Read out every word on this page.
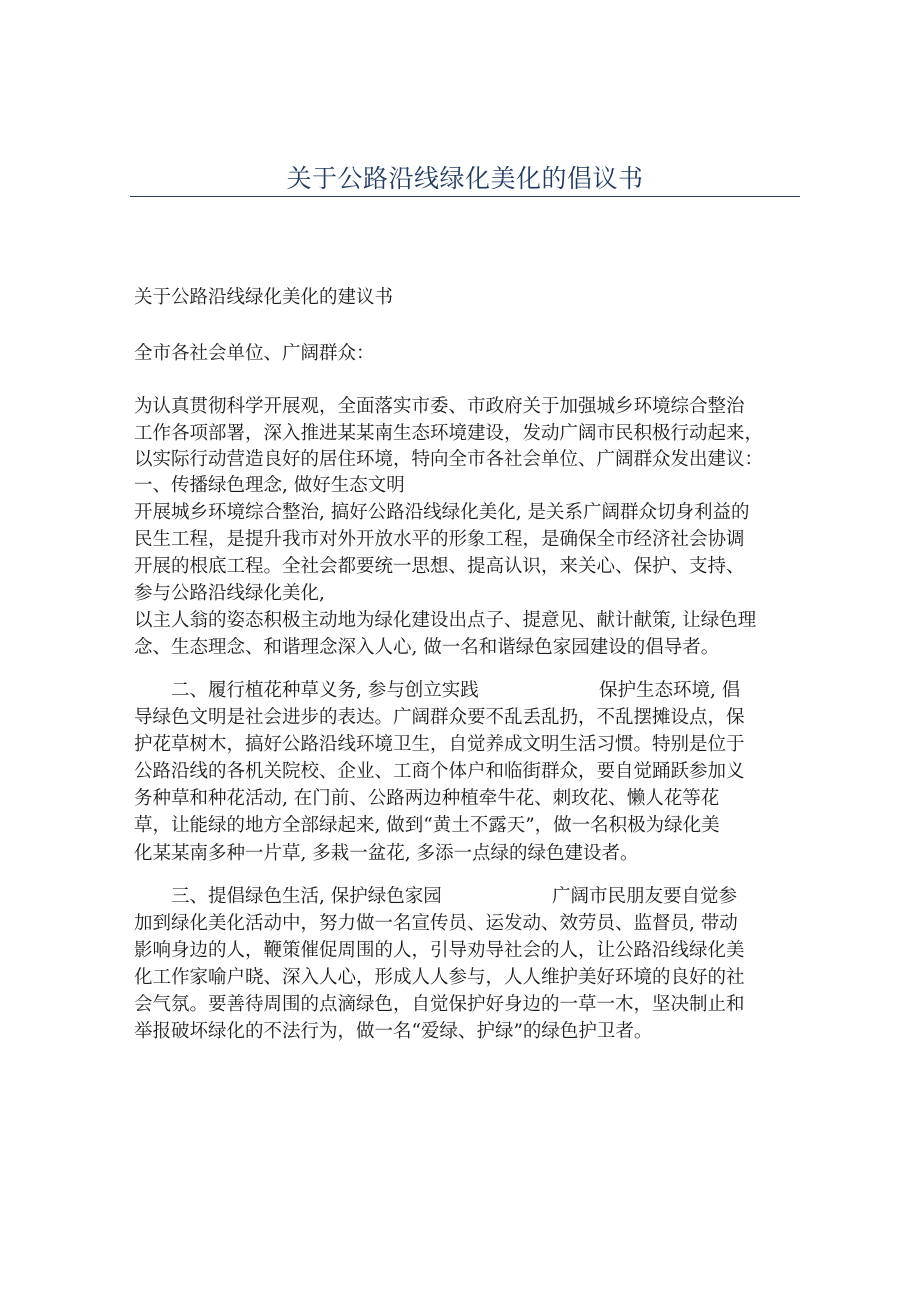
关于公路沿线绿化美化的倡议书
关于公路沿线绿化美化的建议书
全市各社会单位、广阔群众：
为认真贯彻科学开展观，全面落实市委、市政府关于加强城乡环境综合整治
工作各项部署，深入推进某某南生态环境建设，发动广阔市民积极行动起来，
以实际行动营造良好的居住环境，特向全市各社会单位、广阔群众发出建议：
一、传播绿色理念, 做好生态文明
开展城乡环境综合整治, 搞好公路沿线绿化美化, 是关系广阔群众切身利益的
民生工程，是提升我市对外开放水平的形象工程，是确保全市经济社会协调
开展的根底工程。全社会都要统一思想、提高认识，来关心、保护、支持、
参与公路沿线绿化美化,
以主人翁的姿态积极主动地为绿化建设出点子、提意见、献计献策, 让绿色理
念、生态理念、和谐理念深入人心, 做一名和谐绿色家园建设的倡导者。
二、履行植花种草义务, 参与创立实践	保护生态环境, 倡
导绿色文明是社会进步的表达。广阔群众要不乱丢乱扔，不乱摆摊设点，保
护花草树木，搞好公路沿线环境卫生，自觉养成文明生活习惯。特别是位于
公路沿线的各机关院校、企业、工商个体户和临街群众，要自觉踊跃参加义
务种草和种花活动, 在门前、公路两边种植牵牛花、刺玫花、懒人花等花
草，让能绿的地方全部绿起来, 做到“黄土不露天”，做一名积极为绿化美
化某某南多种一片草, 多栽一盆花, 多添一点绿的绿色建设者。
三、提倡绿色生活, 保护绿色家园	广阔市民朋友要自觉参
加到绿化美化活动中，努力做一名宣传员、运发动、效劳员、监督员, 带动
影响身边的人，鞭策催促周围的人，引导劝导社会的人，让公路沿线绿化美
化工作家喻户晓、深入人心，形成人人参与，人人维护美好环境的良好的社
会气氛。要善待周围的点滴绿色，自觉保护好身边的一草一木，坚决制止和
举报破坏绿化的不法行为，做一名“爱绿、护绿”的绿色护卫者。
